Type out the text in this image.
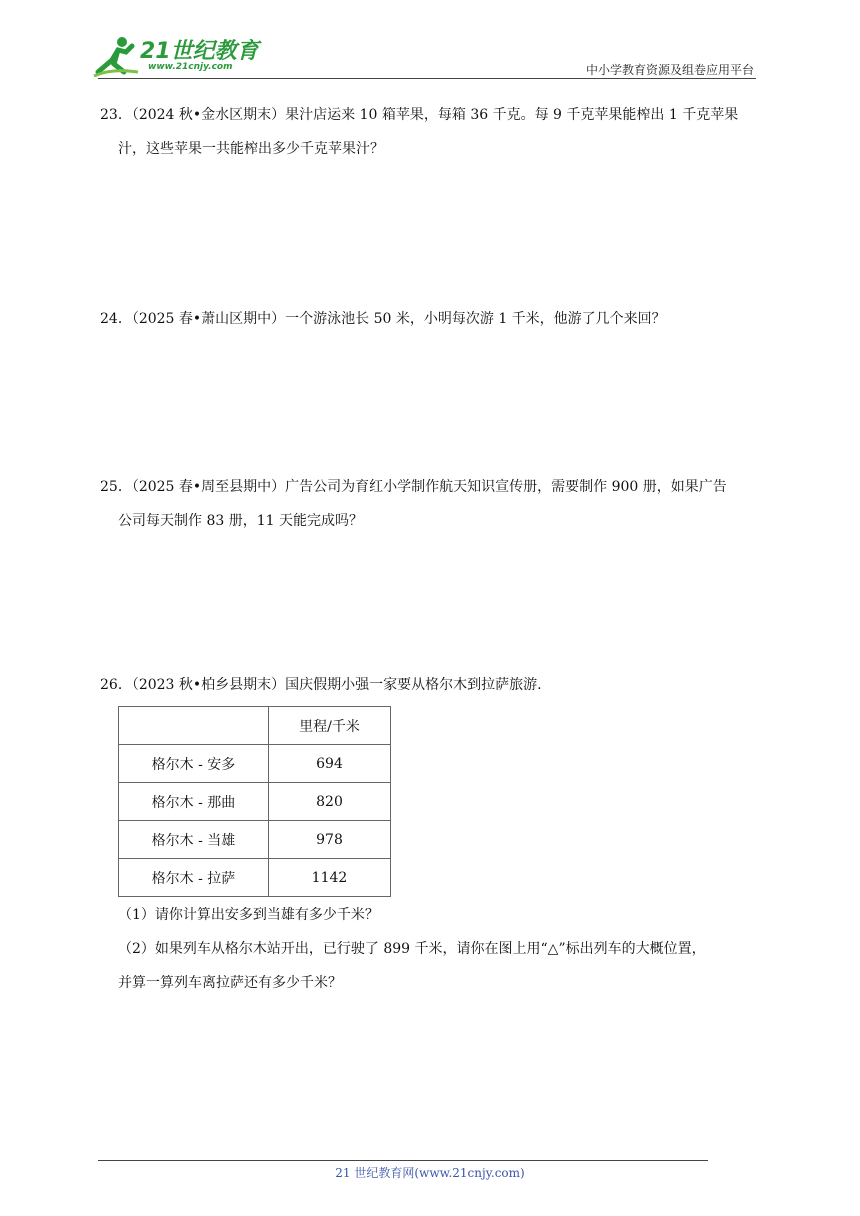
21世纪教育
www.21cnjy.com	中小学教育资源及组卷应用平台
23．（2024 秋•金水区期末）果汁店运来 10 箱苹果，每箱 36 千克。每 9 千克苹果能榨出 1 千克苹果
汁，这些苹果一共能榨出多少千克苹果汁？
24．（2025 春•萧山区期中）一个游泳池长 50 米，小明每次游 1 千米，他游了几个来回？
25．（2025 春•周至县期中）广告公司为育红小学制作航天知识宣传册，需要制作 900 册，如果广告
公司每天制作 83 册，11 天能完成吗？
26．（2023 秋•柏乡县期末）国庆假期小强一家要从格尔木到拉萨旅游.
	里程/千米
格尔木 - 安多	694
格尔木 - 那曲	820
格尔木 - 当雄	978
格尔木 - 拉萨	1142
（1）请你计算出安多到当雄有多少千米？
（2）如果列车从格尔木站开出，已行驶了 899 千米，请你在图上用“△”标出列车的大概位置，
并算一算列车离拉萨还有多少千米？
21 世纪教育网(www.21cnjy.com)
